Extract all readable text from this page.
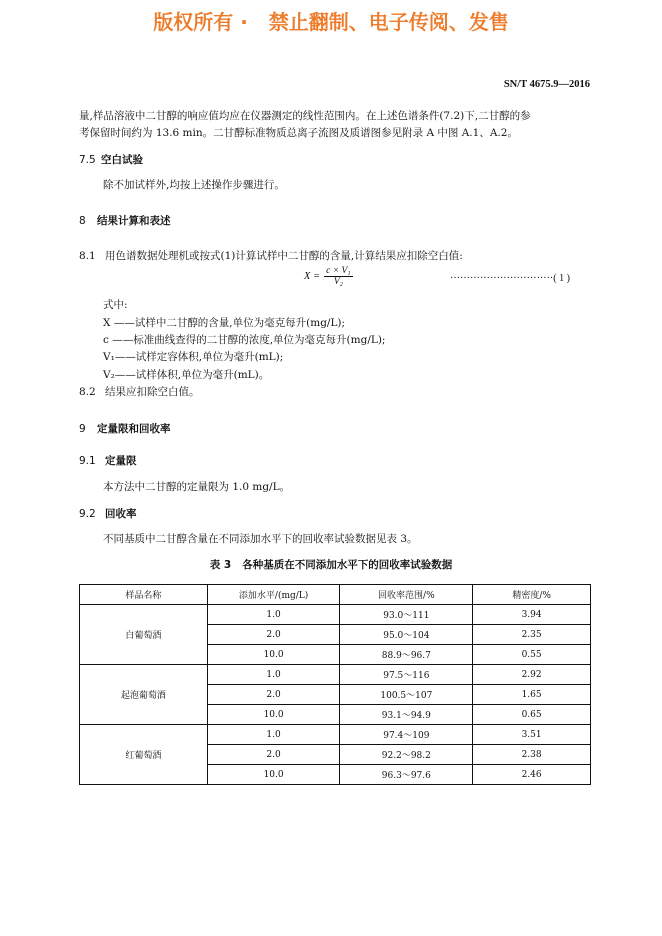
版权所有 ·   禁止翻制、电子传阅、发售
SN/T 4675.9—2016
量,样品溶液中二甘醇的响应值均应在仪器测定的线性范围内。在上述色谱条件(7.2)下,二甘醇的参
考保留时间约为 13.6 min。二甘醇标准物质总离子流图及质谱图参见附录 A 中图 A.1、A.2。
7.5 空白试验
除不加试样外,均按上述操作步骤进行。
8 结果计算和表述
8.1 用色谱数据处理机或按式(1)计算试样中二甘醇的含量,计算结果应扣除空白值:
$X = \frac{\text{c × V₁}}{\text{V₂}}$	·······························( 1 )
式中:
X ——试样中二甘醇的含量,单位为毫克每升(mg/L);
c ——标准曲线查得的二甘醇的浓度,单位为毫克每升(mg/L);
V₁——试样定容体积,单位为毫升(mL);
V₂——试样体积,单位为毫升(mL)。
8.2 结果应扣除空白值。
9 定量限和回收率
9.1 定量限
本方法中二甘醇的定量限为 1.0 mg/L。
9.2 回收率
不同基质中二甘醇含量在不同添加水平下的回收率试验数据见表 3。
表 3   各种基质在不同添加水平下的回收率试验数据
样品名称	添加水平/(mg/L)	回收率范围/%	精密度/%
白葡萄酒	1.0	93.0～111	3.94
	2.0	95.0～104	2.35
	10.0	88.9～96.7	0.55
起泡葡萄酒	1.0	97.5～116	2.92
	2.0	100.5～107	1.65
	10.0	93.1～94.9	0.65
红葡萄酒	1.0	97.4～109	3.51
	2.0	92.2～98.2	2.38
	10.0	96.3～97.6	2.46
